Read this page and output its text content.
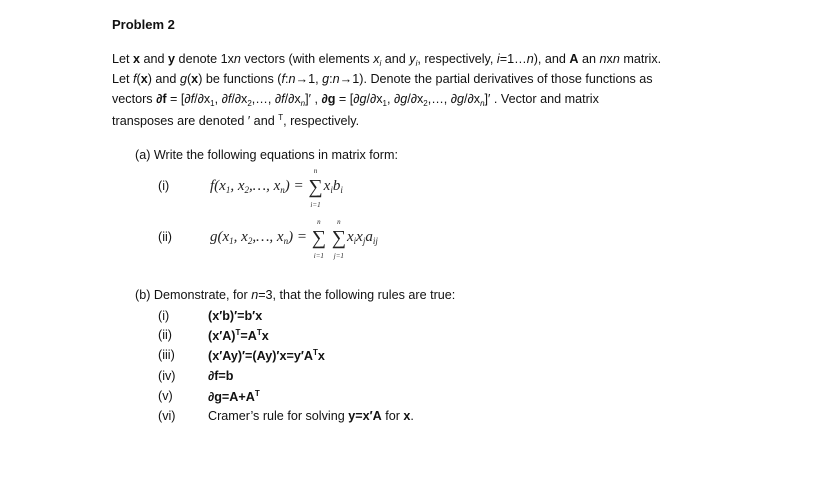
Problem 2
Let x and y denote 1xn vectors (with elements $x_i$ and $y_i$, respectively, i=1…n), and A an nxn matrix.
Let f(x) and g(x) be functions (f:n→1, g:n→1). Denote the partial derivatives of those functions as
vectors $\partial f = [\partial f/\partial x_1$, $\partial f/\partial x_2,\dots$, $\partial f/\partial x_n]'$ , $\partial g = [\partial g/\partial x_1$, $\partial g/\partial x_2,\dots$, $\partial g/\partial x_n]'$ . Vector and matrix
transposes are denoted ′ and $^T$, respectively.
(a) Write the following equations in matrix form:
(i)	$f(x_1$, $x_2,\dots$, $x_n$) = ∑
n
i=1
$x_ib_i$
(ii)	$g(x_1$, $x_2,\dots$, $x_n$) = ∑
n
i=1
∑
n
j=1
$x_ix_ja_{ij}$
(b) Demonstrate, for n=3, that the following rules are true:
(i)	(x′b)′=b′x
(ii)	$(x'A)^T=A^Tx$
(iii)	$(x'Ay)'=(Ay)'x=y'A^Tx$
(iv)	∂f=b
(v)	$\partial g=A+A^T$
(vi)	Cramer’s rule for solving y=x′A for x.
